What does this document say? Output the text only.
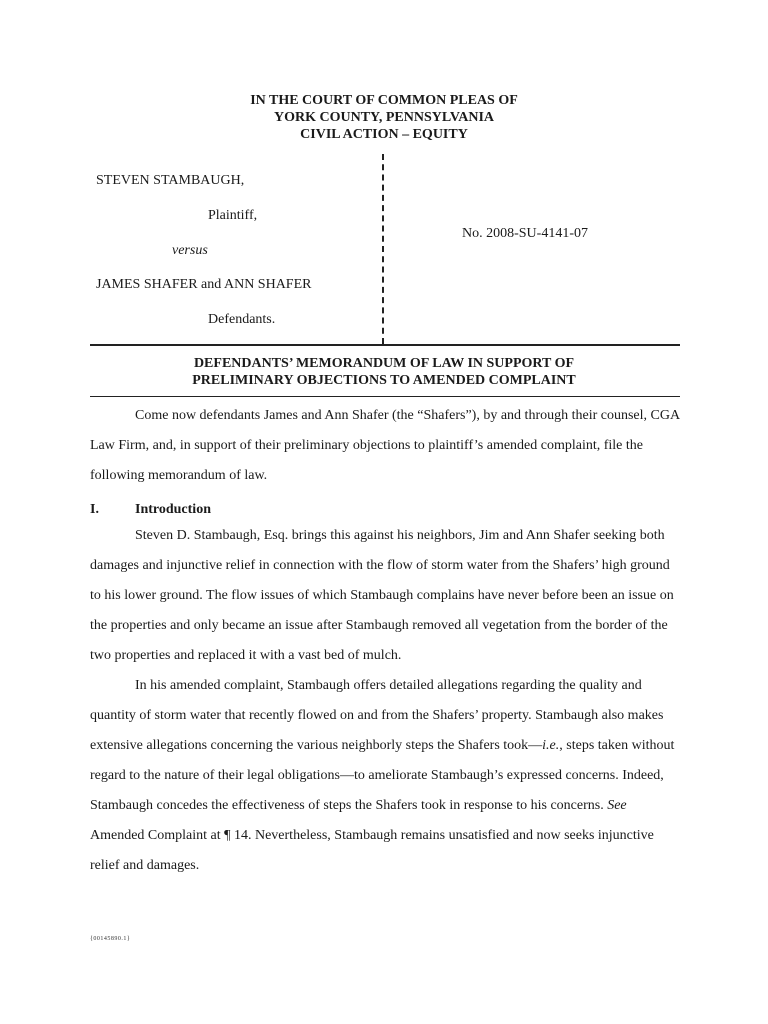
IN THE COURT OF COMMON PLEAS OF
YORK COUNTY, PENNSYLVANIA
CIVIL ACTION – EQUITY
STEVEN STAMBAUGH,
Plaintiff,
versus
JAMES SHAFER and ANN SHAFER
Defendants.
No. 2008-SU-4141-07
DEFENDANTS’ MEMORANDUM OF LAW IN SUPPORT OF
PRELIMINARY OBJECTIONS TO AMENDED COMPLAINT

Come now defendants James and Ann Shafer (the “Shafers”), by and through their counsel, CGA Law Firm, and, in support of their preliminary objections to plaintiff’s amended complaint, file the following memorandum of law.

I.	Introduction

Steven D. Stambaugh, Esq. brings this against his neighbors, Jim and Ann Shafer seeking both damages and injunctive relief in connection with the flow of storm water from the Shafers’ high ground to his lower ground. The flow issues of which Stambaugh complains have never before been an issue on the properties and only became an issue after Stambaugh removed all vegetation from the border of the two properties and replaced it with a vast bed of mulch.

In his amended complaint, Stambaugh offers detailed allegations regarding the quality and quantity of storm water that recently flowed on and from the Shafers’ property. Stambaugh also makes extensive allegations concerning the various neighborly steps the Shafers took—i.e., steps taken without regard to the nature of their legal obligations—to ameliorate Stambaugh’s expressed concerns. Indeed, Stambaugh concedes the effectiveness of steps the Shafers took in response to his concerns. See Amended Complaint at ¶ 14. Nevertheless, Stambaugh remains unsatisfied and now seeks injunctive relief and damages.

{00145890.1}
